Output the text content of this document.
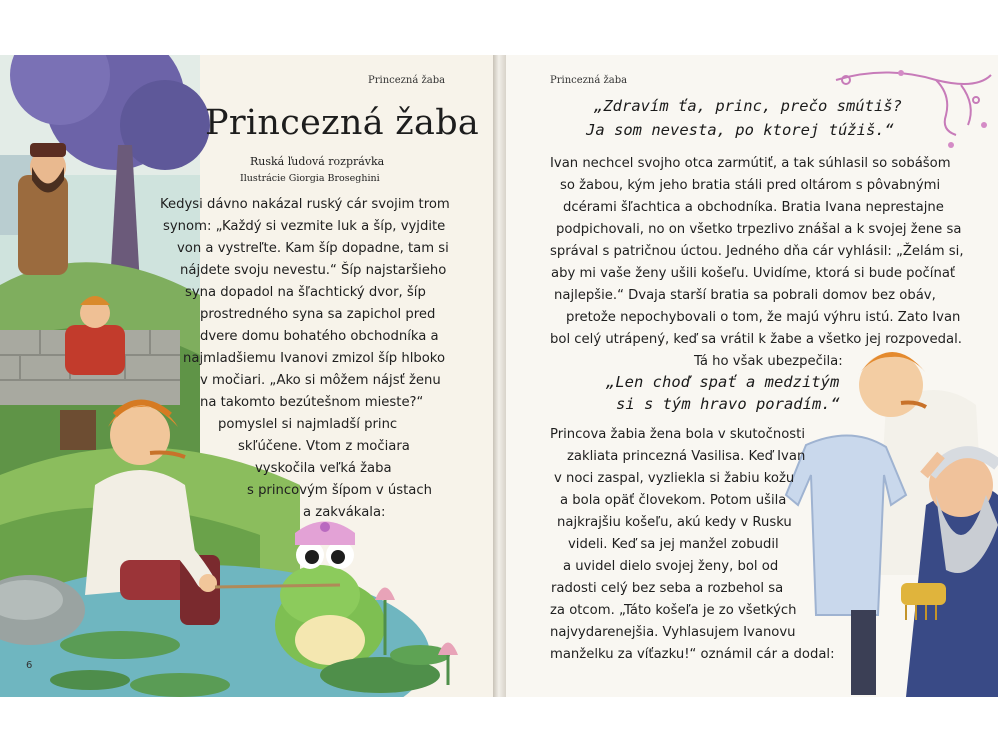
Princezná žaba
Princezná žaba
Ruská ľudová rozprávka
Ilustrácie Giorgia Broseghini
Kedysi dávno nakázal ruský cár svojim trom
synom: „Každý si vezmite luk a šíp, vyjdite
von a vystreľte. Kam šíp dopadne, tam si
nájdete svoju nevestu.“ Šíp najstaršieho
syna dopadol na šľachtický dvor, šíp
prostredného syna sa zapichol pred
dvere domu bohatého obchodníka a
najmladšiemu Ivanovi zmizol šíp hlboko
v močiari. „Ako si môžem nájsť ženu
na takomto bezútešnom mieste?“
pomyslel si najmladší princ
skľúčene. Vtom z močiara
vyskočila veľká žaba
s princovým šípom v ústach
a zakvákala:
6
Princezná žaba
„Zdravím ťa, princ, prečo smútiš?
Ja som nevesta, po ktorej túžiš.“
Ivan nechcel svojho otca zarmútiť, a tak súhlasil so sobášom
so žabou, kým jeho bratia stáli pred oltárom s pôvabnými
dcérami šľachtica a obchodníka. Bratia Ivana neprestajne
podpichovali, no on všetko trpezlivo znášal a k svojej žene sa
správal s patričnou úctou. Jedného dňa cár vyhlásil: „Želám si,
aby mi vaše ženy ušili košeľu. Uvidíme, ktorá si bude počínať
najlepšie.“ Dvaja starší bratia sa pobrali domov bez obáv,
pretože nepochybovali o tom, že majú výhru istú. Zato Ivan
bol celý utrápený, keď sa vrátil k žabe a všetko jej rozpovedal.
Tá ho však ubezpečila:
„Len choď spať a medzitým
si s tým hravo poradím.“
Princova žabia žena bola v skutočnosti
zakliata princezná Vasilisa. Keď Ivan
v noci zaspal, vyzliekla si žabiu kožu
a bola opäť človekom. Potom ušila
najkrajšiu košeľu, akú kedy v Rusku
videli. Keď sa jej manžel zobudil
a uvidel dielo svojej ženy, bol od
radosti celý bez seba a rozbehol sa
za otcom. „Táto košeľa je zo všetkých
najvydarenejšia. Vyhlasujem Ivanovu
manželku za víťazku!“ oznámil cár a dodal:
